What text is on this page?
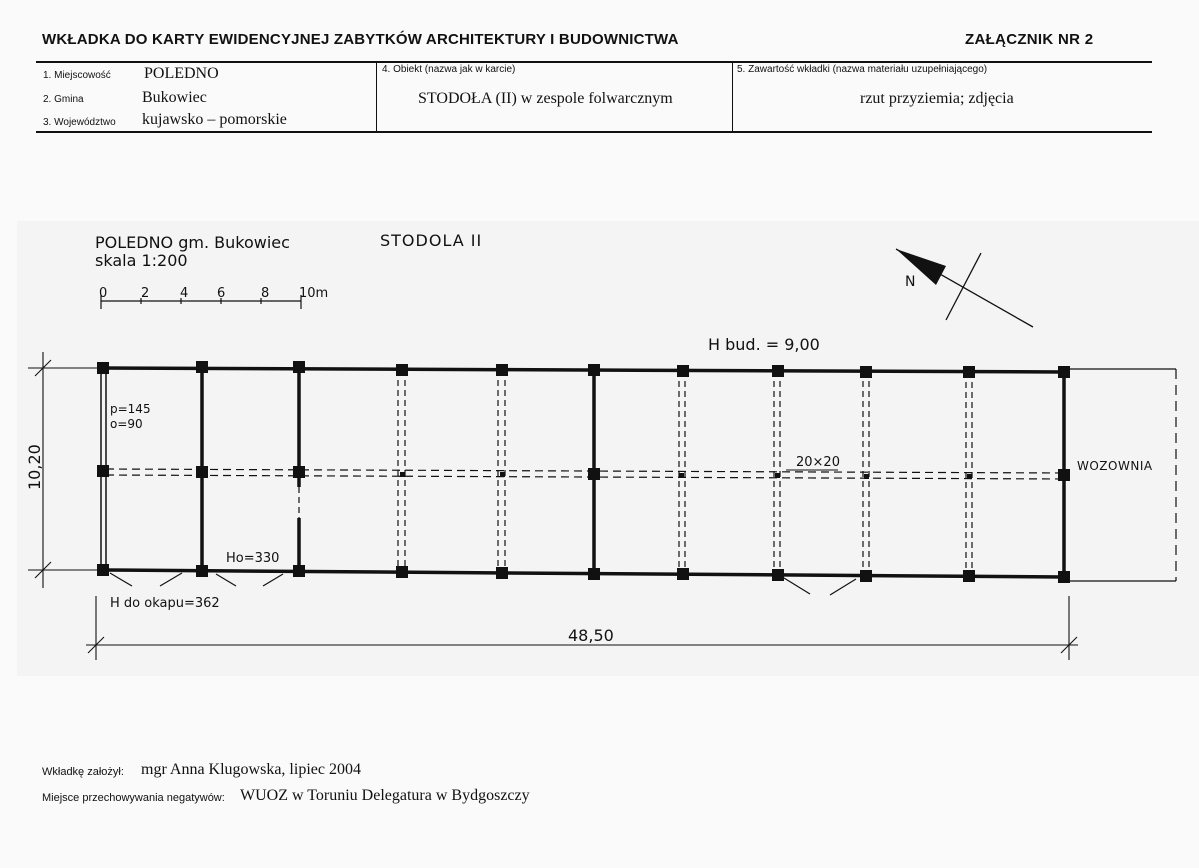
WKŁADKA DO KARTY EWIDENCYJNEJ ZABYTKÓW ARCHITEKTURY I BUDOWNICTWA	ZAŁĄCZNIK NR 2
1. Miejscowość POLEDNO
2. Gmina	Bukowiec
3. Województwo kujawsko – pomorskie
4. Obiekt (nazwa jak w karcie)
STODOŁA (II) w zespole folwarcznym
5. Zawartość wkładki (nazwa materiału uzupełniającego)
rzut przyziemia; zdjęcia
POLEDNO gm. Bukowiec
skala 1:200
STODOLA II
0	2 4 6	8 10m
N
H bud. = 9,00
10,20
48,50
p=145
o=90
Ho=330
H do okapu=362
20×20	WOZOWNIA
Wkładkę założył: mgr Anna Klugowska, lipiec 2004
Miejsce przechowywania negatywów: WUOZ w Toruniu Delegatura w Bydgoszczy
